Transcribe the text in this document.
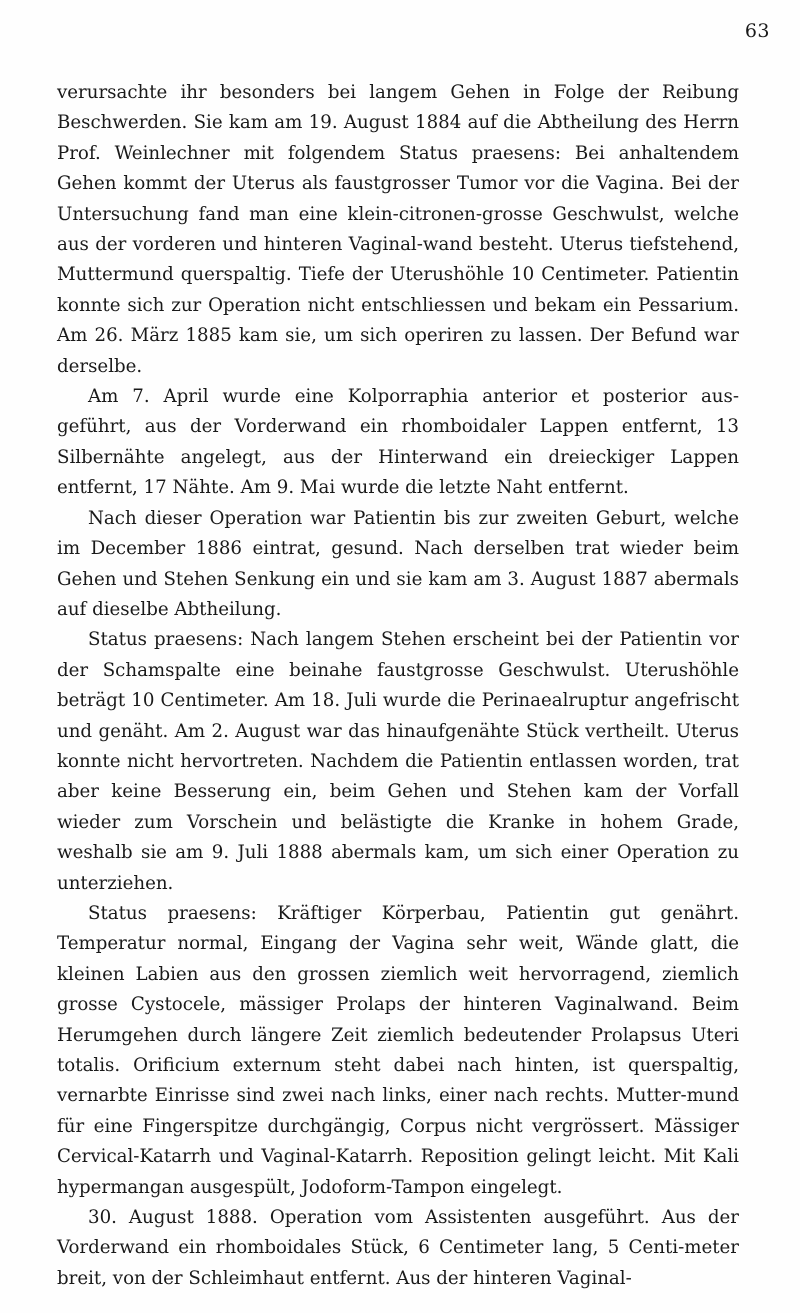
63

verursachte ihr besonders bei langem Gehen in Folge der Reibung Beschwerden. Sie kam am 19. August 1884 auf die Abtheilung des Herrn Prof. Weinlechner mit folgendem Status praesens: Bei anhaltendem Gehen kommt der Uterus als faustgrosser Tumor vor die Vagina. Bei der Untersuchung fand man eine klein-citronen-grosse Geschwulst, welche aus der vorderen und hinteren Vaginal-wand besteht. Uterus tiefstehend, Muttermund querspaltig. Tiefe der Uterushöhle 10 Centimeter. Patientin konnte sich zur Operation nicht entschliessen und bekam ein Pessarium. Am 26. März 1885 kam sie, um sich operiren zu lassen. Der Befund war derselbe.

Am 7. April wurde eine Kolporraphia anterior et posterior aus-geführt, aus der Vorderwand ein rhomboidaler Lappen entfernt, 13 Silbernähte angelegt, aus der Hinterwand ein dreieckiger Lappen entfernt, 17 Nähte. Am 9. Mai wurde die letzte Naht entfernt.

Nach dieser Operation war Patientin bis zur zweiten Geburt, welche im December 1886 eintrat, gesund. Nach derselben trat wieder beim Gehen und Stehen Senkung ein und sie kam am 3. August 1887 abermals auf dieselbe Abtheilung.

Status praesens: Nach langem Stehen erscheint bei der Patientin vor der Schamspalte eine beinahe faustgrosse Geschwulst. Uterushöhle beträgt 10 Centimeter. Am 18. Juli wurde die Perinaealruptur angefrischt und genäht. Am 2. August war das hinaufgenähte Stück vertheilt. Uterus konnte nicht hervortreten. Nachdem die Patientin entlassen worden, trat aber keine Besserung ein, beim Gehen und Stehen kam der Vorfall wieder zum Vorschein und belästigte die Kranke in hohem Grade, weshalb sie am 9. Juli 1888 abermals kam, um sich einer Operation zu unterziehen.

Status praesens: Kräftiger Körperbau, Patientin gut genährt. Temperatur normal, Eingang der Vagina sehr weit, Wände glatt, die kleinen Labien aus den grossen ziemlich weit hervorragend, ziemlich grosse Cystocele, mässiger Prolaps der hinteren Vaginalwand. Beim Herumgehen durch längere Zeit ziemlich bedeutender Prolapsus Uteri totalis. Orificium externum steht dabei nach hinten, ist querspaltig, vernarbte Einrisse sind zwei nach links, einer nach rechts. Mutter-mund für eine Fingerspitze durchgängig, Corpus nicht vergrössert. Mässiger Cervical-Katarrh und Vaginal-Katarrh. Reposition gelingt leicht. Mit Kali hypermangan ausgespült, Jodoform-Tampon eingelegt.

30. August 1888. Operation vom Assistenten ausgeführt. Aus der Vorderwand ein rhomboidales Stück, 6 Centimeter lang, 5 Centi-meter breit, von der Schleimhaut entfernt. Aus der hinteren Vaginal-
